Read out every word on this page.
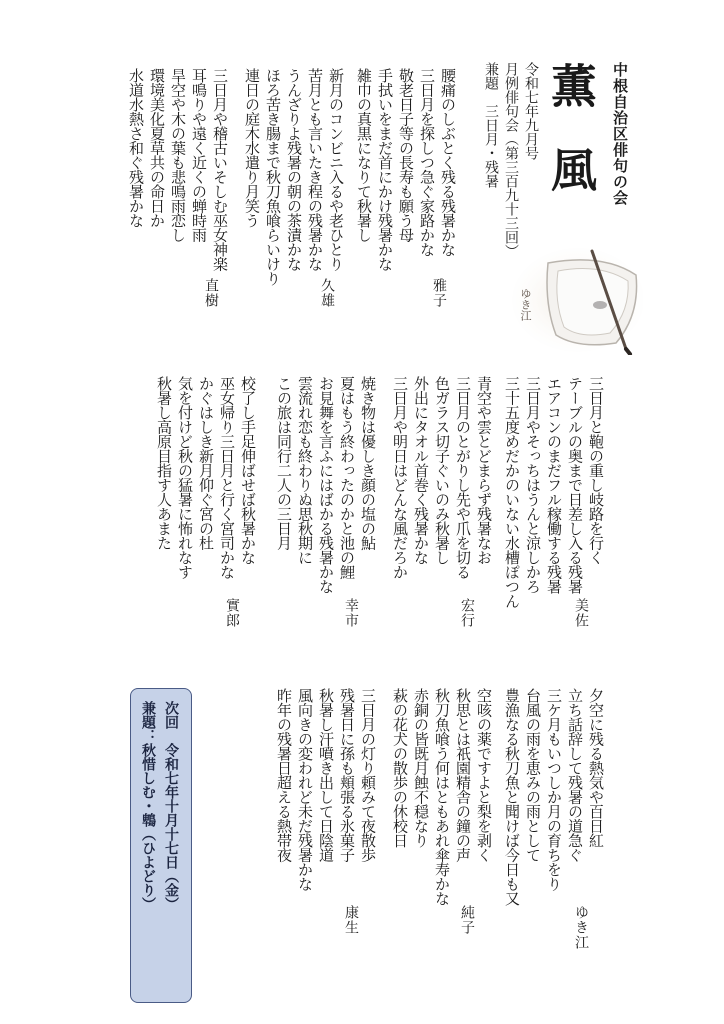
中根自治区俳句の会
薫風
令和七年九月号
月例俳句会（第三百九十三回）
兼題　三日月・残暑
ゆき江
腰痛のしぶとく残る残暑かな
三日月を探しつ急ぐ家路かな
敬老日子等の長寿も願う母
手拭いをまだ首にかけ残暑かな
雑巾の真黒になりて秋暑し
雅子
新月のコンビニ入るや老ひとり
苦月とも言いたき程の残暑かな
うんざりよ残暑の朝の茶漬かな
ほろ苦き腸まで秋刀魚喰らいけり
連日の庭木水遣り月笑う
久雄
三日月や稽古いそしむ巫女神楽
耳鳴りや遠く近くの蝉時雨
旱空や木の葉も悲鳴雨恋し
環境美化夏草共の命日か
水道水熱さ和ぐ残暑かな
直樹
三日月と鞄の重し岐路を行く
テーブルの奥まで日差し入る残暑
エアコンのまだフル稼働する残暑
三日月やそっちはうんと涼しかろ
三十五度めだかのいない水槽ぽつん
美佐
青空や雲とどまらず残暑なお
三日月のとがりし先や爪を切る
色ガラス切子ぐいのみ秋暑し
外出にタオル首巻く残暑かな
三日月や明日はどんな風だろか
宏行
焼き物は優しき顔の塩の鮎
夏はもう終わったのかと池の鯉
お見舞を言ふにはばかる残暑かな
雲流れ恋も終わりぬ思秋期に
この旅は同行二人の三日月
幸市
校了し手足伸ばせば秋暑かな
巫女帰り三日月と行く宮司かな
かぐはしき新月仰ぐ宮の杜
気を付けど秋の猛暑に怖れなす
秋暑し高原目指す人あまた
實郎
夕空に残る熱気や百日紅
立ち話辞して残暑の道急ぐ
三ケ月もいつしか月の育ちをり
台風の雨を恵みの雨として
豊漁なる秋刀魚と聞けば今日も又
ゆき江
空咳の薬ですよと梨を剥く
秋思とは祇園精舎の鐘の声
秋刀魚喰う何はともあれ傘寿かな
赤銅の皆既月蝕不穏なり
萩の花犬の散歩の休校日
純子
三日月の灯り頼みて夜散歩
残暑日に孫も頬張る氷菓子
秋暑し汗噴き出して日陰道
風向きの変われど未だ残暑かな
昨年の残暑日超える熱帯夜
康生
次回　令和七年十月十七日（金）
兼題：秋惜しむ・鵯（ひよどり）
